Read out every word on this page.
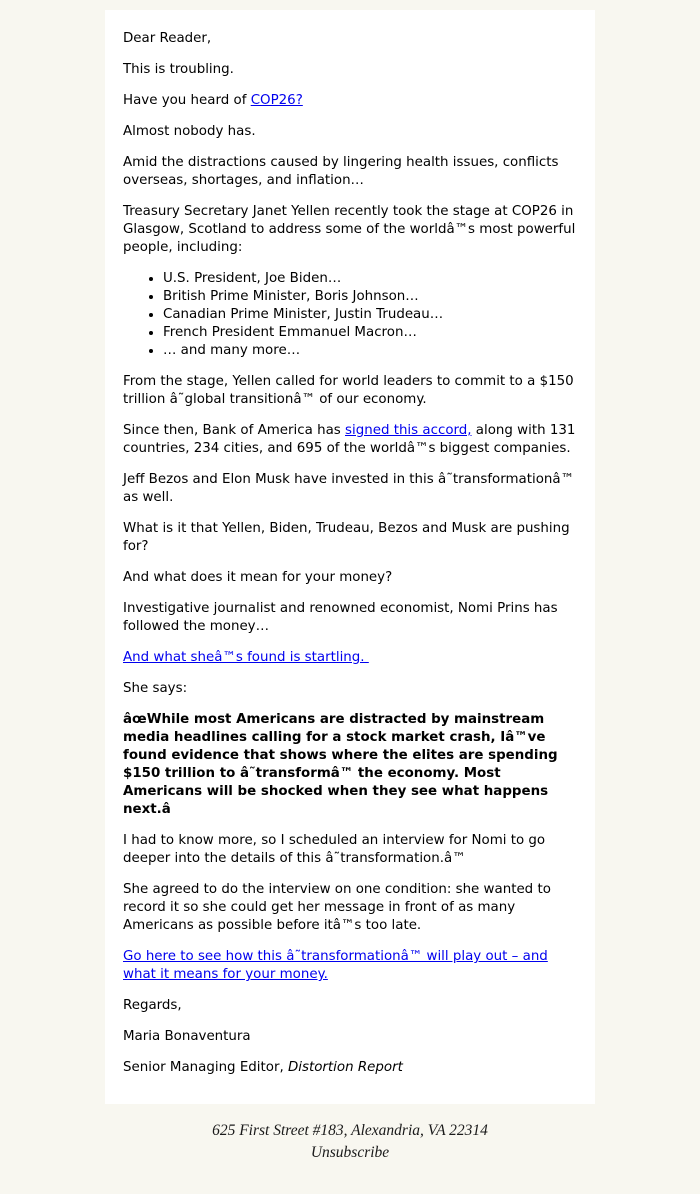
Dear Reader,

This is troubling.

Have you heard of COP26?

Almost nobody has.

Amid the distractions caused by lingering health issues, conflicts overseas, shortages, and inflation…

Treasury Secretary Janet Yellen recently took the stage at COP26 in Glasgow, Scotland to address some of the worldâ™s most powerful people, including:

• U.S. President, Joe Biden…
• British Prime Minister, Boris Johnson…
• Canadian Prime Minister, Justin Trudeau…
• French President Emmanuel Macron…
• … and many more…

From the stage, Yellen called for world leaders to commit to a $150 trillion â˜global transitionâ™ of our economy.

Since then, Bank of America has signed this accord, along with 131 countries, 234 cities, and 695 of the worldâ™s biggest companies.

Jeff Bezos and Elon Musk have invested in this â˜transformationâ™ as well.

What is it that Yellen, Biden, Trudeau, Bezos and Musk are pushing for?

And what does it mean for your money?

Investigative journalist and renowned economist, Nomi Prins has followed the money…

And what sheâ™s found is startling.

She says:

âœWhile most Americans are distracted by mainstream media headlines calling for a stock market crash, Iâ™ve found evidence that shows where the elites are spending $150 trillion to â˜transformâ™ the economy. Most Americans will be shocked when they see what happens next.â

I had to know more, so I scheduled an interview for Nomi to go deeper into the details of this â˜transformation.â™

She agreed to do the interview on one condition: she wanted to record it so she could get her message in front of as many Americans as possible before itâ™s too late.

Go here to see how this â˜transformationâ™ will play out – and what it means for your money.

Regards,

Maria Bonaventura

Senior Managing Editor, Distortion Report

625 First Street #183, Alexandria, VA 22314
Unsubscribe
